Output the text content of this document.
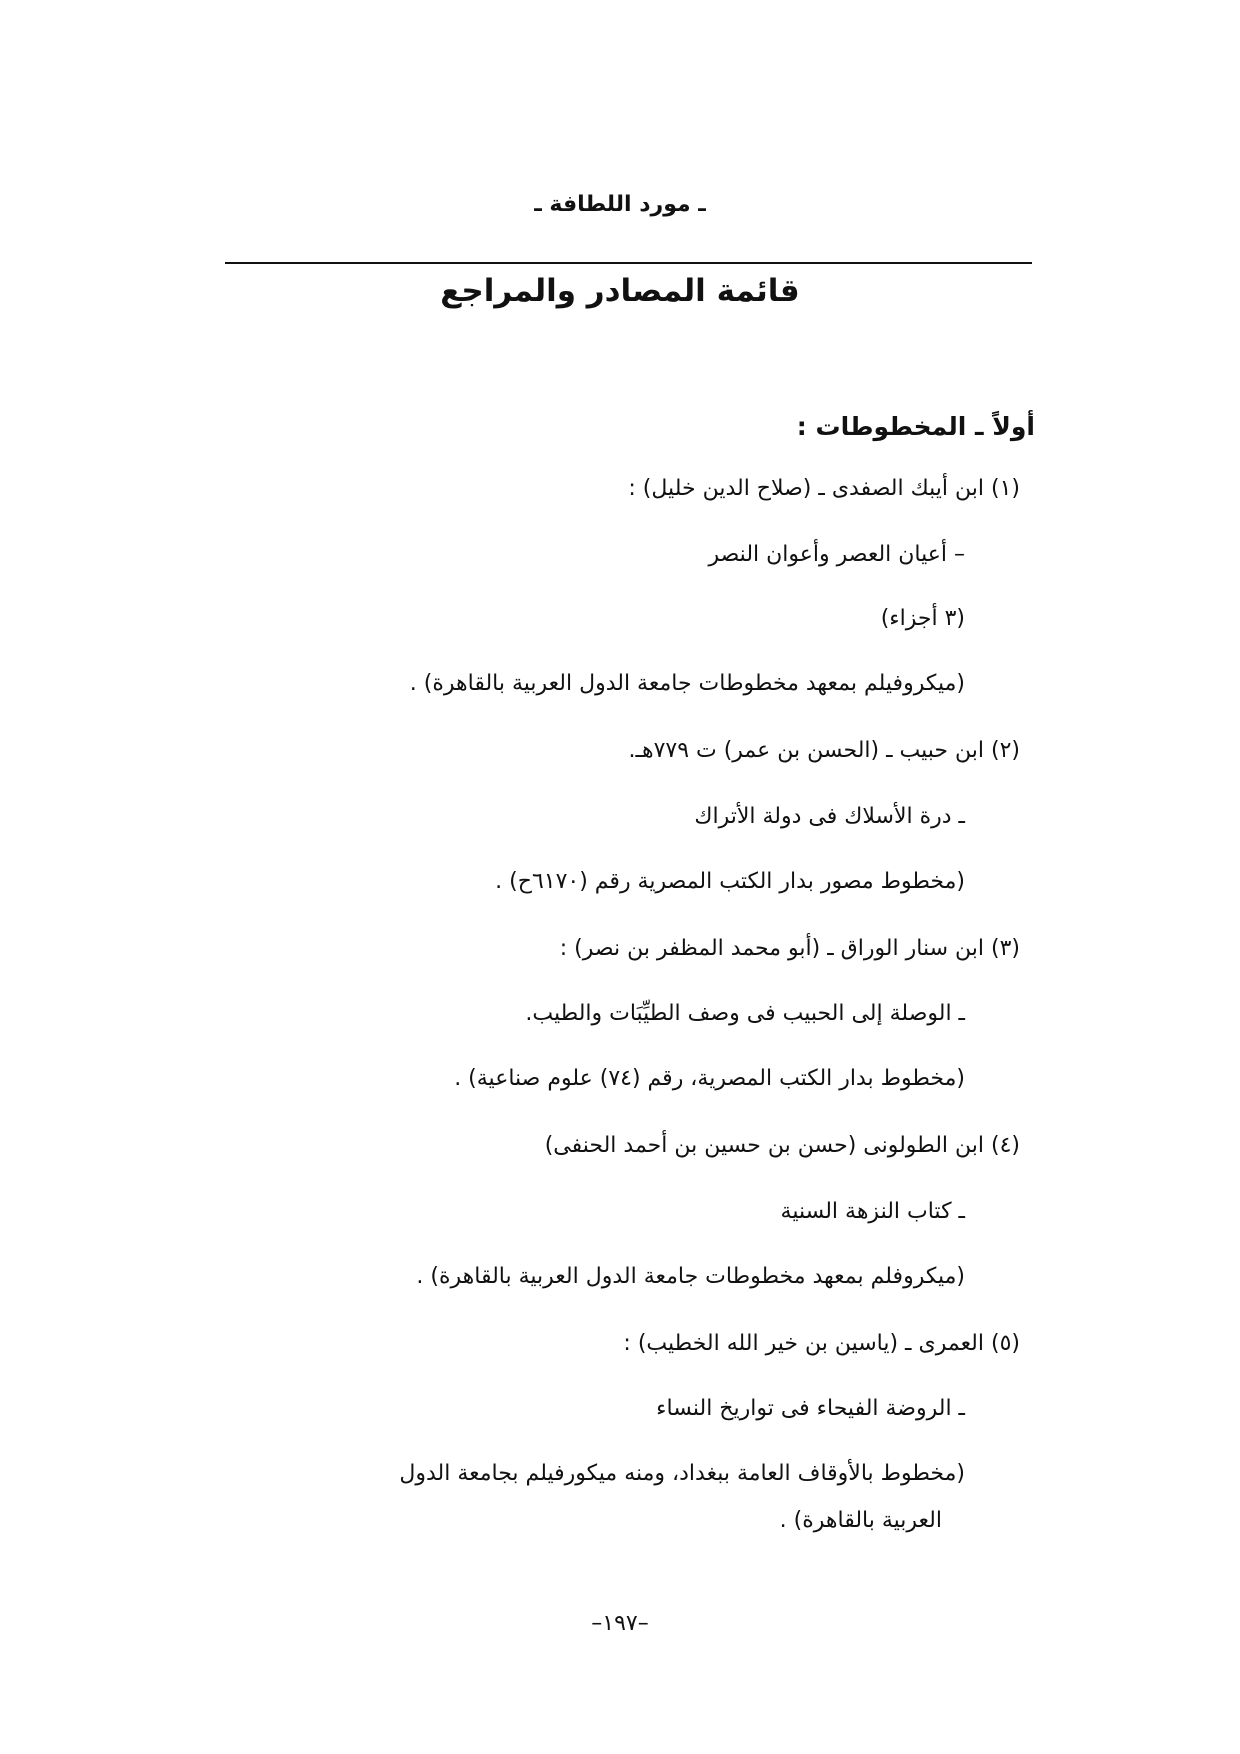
ـ مورد اللطافة ـ
قائمة المصادر والمراجع
أولاً ـ المخطوطات :
(١) ابن أيبك الصفدى ـ (صلاح الدين خليل) :
– أعيان العصر وأعوان النصر
(٣ أجزاء)
(ميكروفيلم بمعهد مخطوطات جامعة الدول العربية بالقاهرة) .
(٢) ابن حبيب ـ (الحسن بن عمر) ت ٧٧٩هـ.
ـ درة الأسلاك فى دولة الأتراك
(مخطوط مصور بدار الكتب المصرية رقم (٦١٧٠ح) .
(٣) ابن سنار الوراق ـ (أبو محمد المظفر بن نصر) :
ـ الوصلة إلى الحبيب فى وصف الطيِّبَات والطيب.
(مخطوط بدار الكتب المصرية، رقم (٧٤) علوم صناعية) .
(٤) ابن الطولونى (حسن بن حسين بن أحمد الحنفى)
ـ كتاب النزهة السنية
(ميكروفلم بمعهد مخطوطات جامعة الدول العربية بالقاهرة) .
(٥) العمرى ـ (ياسين بن خير الله الخطيب) :
ـ الروضة الفيحاء فى تواريخ النساء
(مخطوط بالأوقاف العامة ببغداد، ومنه ميكورفيلم بجامعة الدول
العربية بالقاهرة) .
–١٩٧–
